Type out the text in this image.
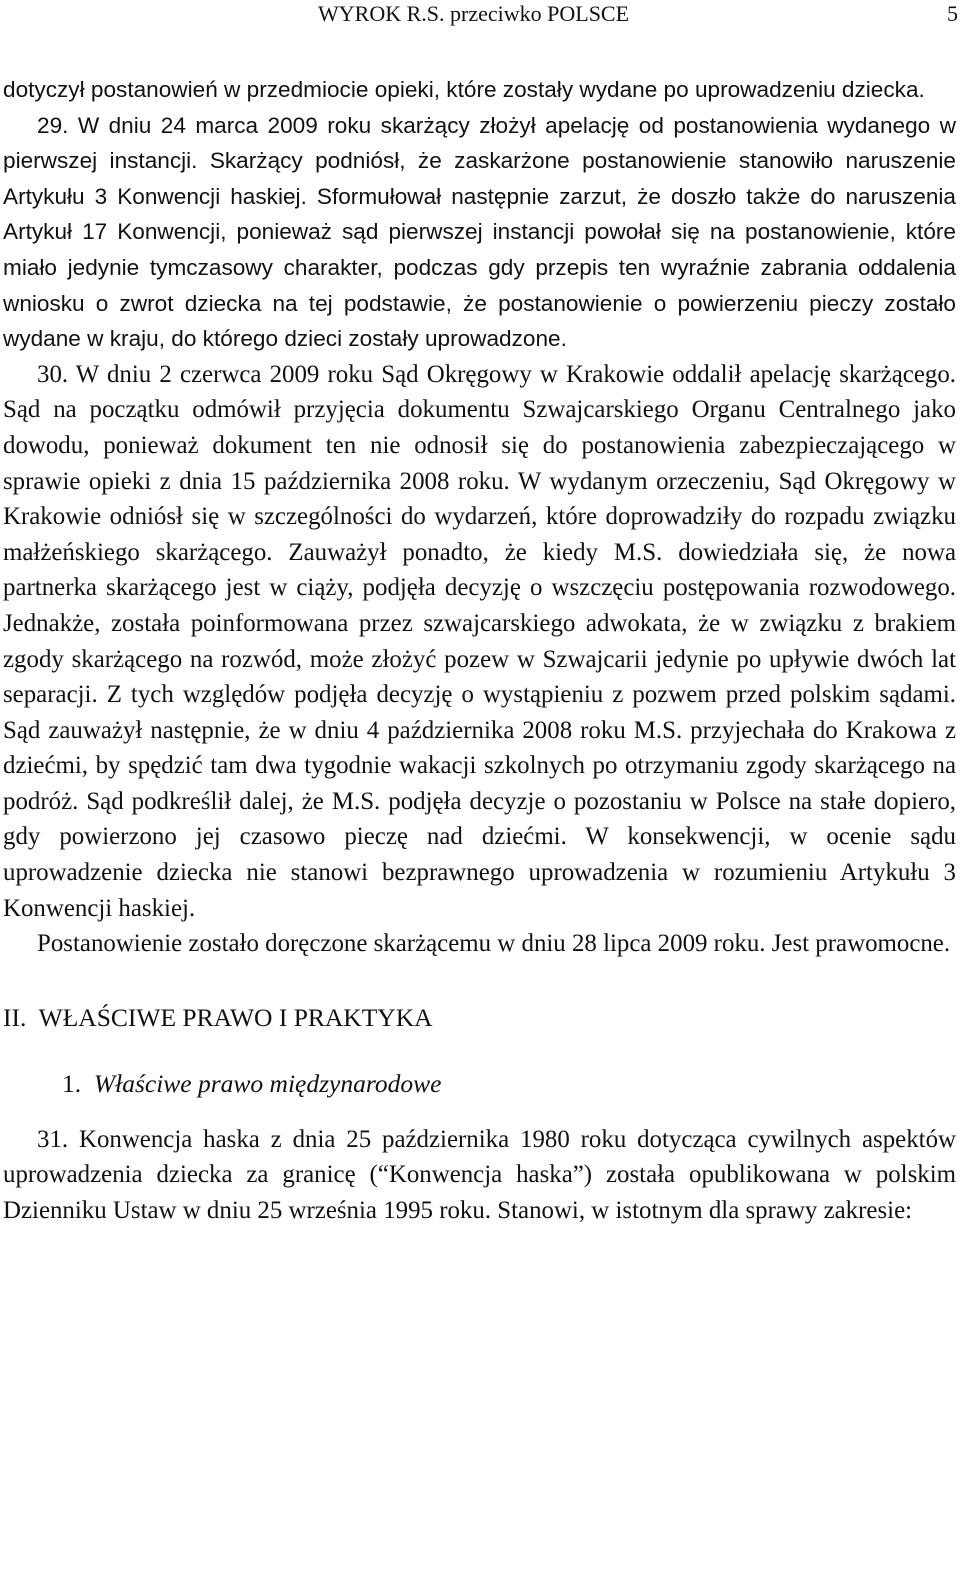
WYROK R.S. przeciwko POLSCE	5

dotyczył postanowień w przedmiocie opieki, które zostały wydane po uprowadzeniu dziecka.

29. W dniu 24 marca 2009 roku skarżący złożył apelację od postanowienia wydanego w pierwszej instancji. Skarżący podniósł, że zaskarżone postanowienie stanowiło naruszenie Artykułu 3 Konwencji haskiej. Sformułował następnie zarzut, że doszło także do naruszenia Artykuł 17 Konwencji, ponieważ sąd pierwszej instancji powołał się na postanowienie, które miało jedynie tymczasowy charakter, podczas gdy przepis ten wyraźnie zabrania oddalenia wniosku o zwrot dziecka na tej podstawie, że postanowienie o powierzeniu pieczy zostało wydane w kraju, do którego dzieci zostały uprowadzone.

30. W dniu 2 czerwca 2009 roku Sąd Okręgowy w Krakowie oddalił apelację skarżącego. Sąd na początku odmówił przyjęcia dokumentu Szwajcarskiego Organu Centralnego jako dowodu, ponieważ dokument ten nie odnosił się do postanowienia zabezpieczającego w sprawie opieki z dnia 15 października 2008 roku. W wydanym orzeczeniu, Sąd Okręgowy w Krakowie odniósł się w szczególności do wydarzeń, które doprowadziły do rozpadu związku małżeńskiego skarżącego. Zauważył ponadto, że kiedy M.S. dowiedziała się, że nowa partnerka skarżącego jest w ciąży, podjęła decyzję o wszczęciu postępowania rozwodowego. Jednakże, została poinformowana przez szwajcarskiego adwokata, że w związku z brakiem zgody skarżącego na rozwód, może złożyć pozew w Szwajcarii jedynie po upływie dwóch lat separacji. Z tych względów podjęła decyzję o wystąpieniu z pozwem przed polskim sądami. Sąd zauważył następnie, że w dniu 4 października 2008 roku M.S. przyjechała do Krakowa z dziećmi, by spędzić tam dwa tygodnie wakacji szkolnych po otrzymaniu zgody skarżącego na podróż. Sąd podkreślił dalej, że M.S. podjęła decyzje o pozostaniu w Polsce na stałe dopiero, gdy powierzono jej czasowo pieczę nad dziećmi. W konsekwencji, w ocenie sądu uprowadzenie dziecka nie stanowi bezprawnego uprowadzenia w rozumieniu Artykułu 3 Konwencji haskiej.

Postanowienie zostało doręczone skarżącemu w dniu 28 lipca 2009 roku. Jest prawomocne.

II. WŁAŚCIWE PRAWO I PRAKTYKA
1. Właściwe prawo międzynarodowe

31. Konwencja haska z dnia 25 października 1980 roku dotycząca cywilnych aspektów uprowadzenia dziecka za granicę (“Konwencja haska”) została opublikowana w polskim Dzienniku Ustaw w dniu 25 września 1995 roku. Stanowi, w istotnym dla sprawy zakresie:
